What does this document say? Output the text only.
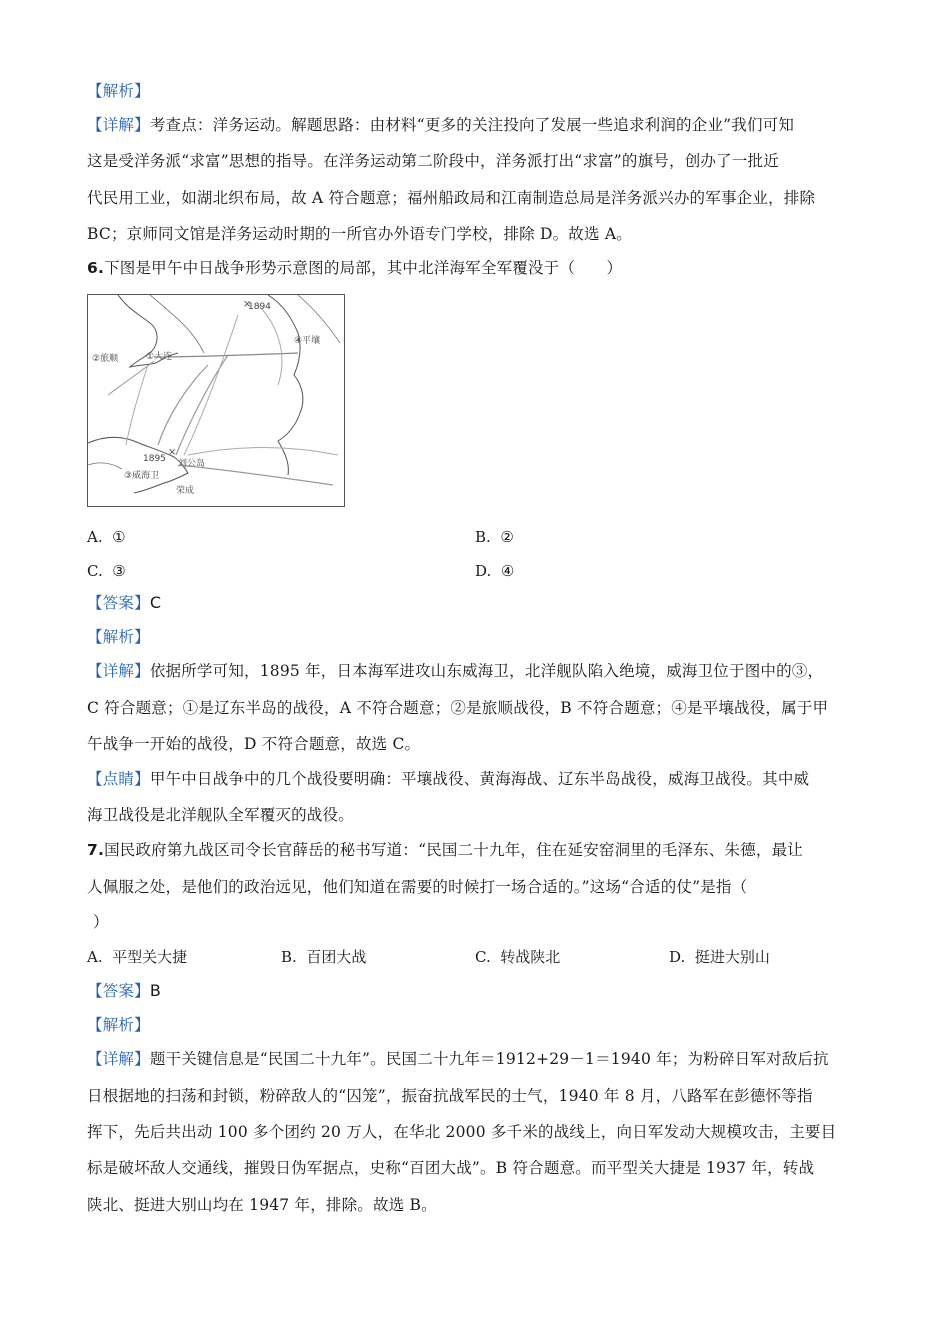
【解析】
【详解】考查点：洋务运动。解题思路：由材料“更多的关注投向了发展一些追求利润的企业”我们可知
这是受洋务派“求富”思想的指导。在洋务运动第二阶段中，洋务派打出“求富”的旗号，创办了一批近
代民用工业，如湖北织布局，故 A 符合题意；福州船政局和江南制造总局是洋务派兴办的军事企业，排除
BC；京师同文馆是洋务运动时期的一所官办外语专门学校，排除 D。故选 A。
6.下图是甲午中日战争形势示意图的局部，其中北洋海军全军覆没于（　　）
1894
×
①大连
②旅顺
④平壤
1895
×
③威海卫
刘公岛
荣成
A. ①	B. ②
C. ③	D. ④
【答案】C
【解析】
【详解】依据所学可知，1895 年，日本海军进攻山东威海卫，北洋舰队陷入绝境，威海卫位于图中的③，
C 符合题意；①是辽东半岛的战役，A 不符合题意；②是旅顺战役，B 不符合题意；④是平壤战役，属于甲
午战争一开始的战役，D 不符合题意，故选 C。
【点睛】甲午中日战争中的几个战役要明确：平壤战役、黄海海战、辽东半岛战役，威海卫战役。其中威
海卫战役是北洋舰队全军覆灭的战役。
7.国民政府第九战区司令长官薛岳的秘书写道：“民国二十九年，住在延安窑洞里的毛泽东、朱德，最让
人佩服之处，是他们的政治远见，他们知道在需要的时候打一场合适的。”这场“合适的仗”是指（
）
A. 平型关大捷	B. 百团大战	C. 转战陕北	D. 挺进大别山
【答案】B
【解析】
【详解】题干关键信息是“民国二十九年”。民国二十九年＝1912+29－1＝1940 年；为粉碎日军对敌后抗
日根据地的扫荡和封锁，粉碎敌人的“囚笼”，振奋抗战军民的士气，1940 年 8 月，八路军在彭德怀等指
挥下，先后共出动 100 多个团约 20 万人，在华北 2000 多千米的战线上，向日军发动大规模攻击，主要目
标是破坏敌人交通线，摧毁日伪军据点，史称“百团大战”。B 符合题意。而平型关大捷是 1937 年，转战
陕北、挺进大别山均在 1947 年，排除。故选 B。
